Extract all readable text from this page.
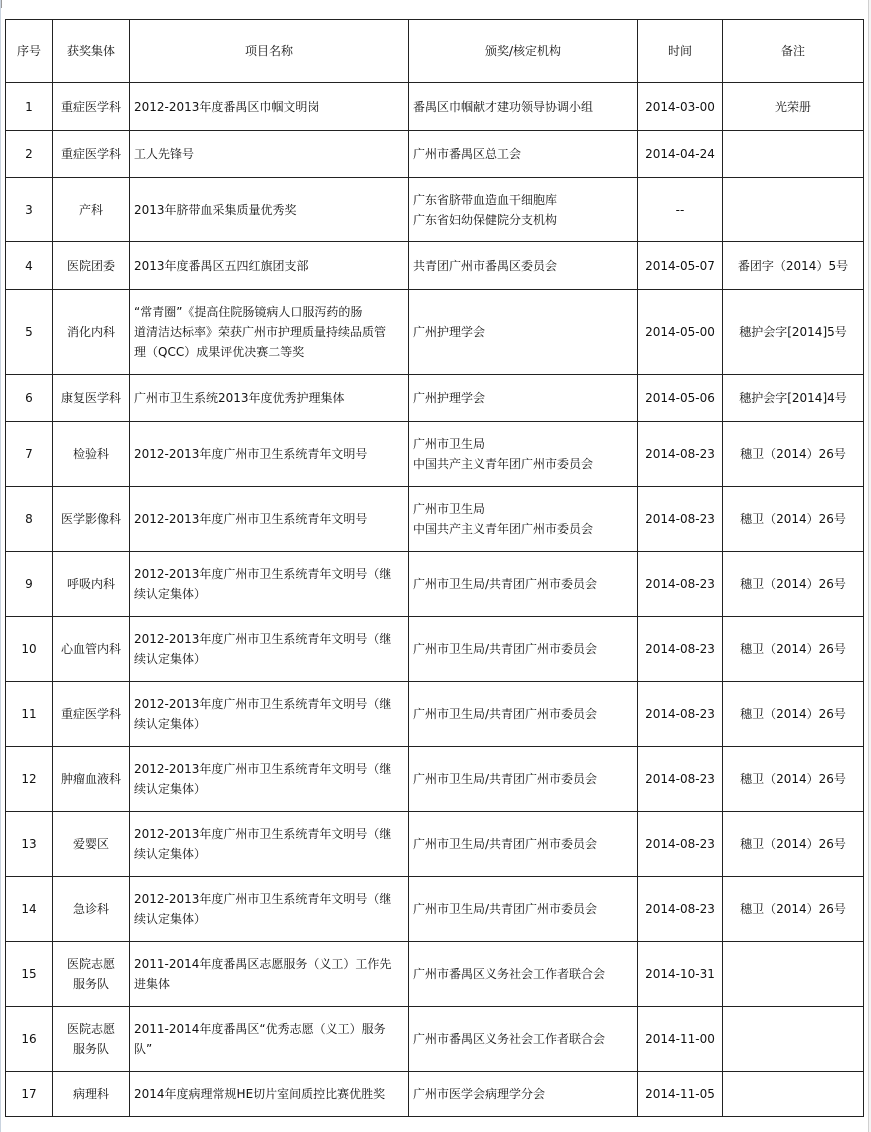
序号	获奖集体	项目名称	颁奖/核定机构	时间	备注
1	重症医学科	2012-2013年度番禺区巾帼文明岗	番禺区巾帼献才建功领导协调小组	2014-03-00	光荣册
2	重症医学科	工人先锋号	广州市番禺区总工会	2014-04-24	
3	产科	2013年脐带血采集质量优秀奖	广东省脐带血造血干细胞库
广东省妇幼保健院分支机构	--	
4	医院团委	2013年度番禺区五四红旗团支部	共青团广州市番禺区委员会	2014-05-07	番团字（2014）5号
5	消化内科	“常青圈”《提高住院肠镜病人口服泻药的肠
道清洁达标率》荣获广州市护理质量持续品质管
理（QCC）成果评优决赛二等奖	广州护理学会	2014-05-00	穗护会字[2014]5号
6	康复医学科	广州市卫生系统2013年度优秀护理集体	广州护理学会	2014-05-06	穗护会字[2014]4号
7	检验科	2012-2013年度广州市卫生系统青年文明号	广州市卫生局
中国共产主义青年团广州市委员会	2014-08-23	穗卫（2014）26号
8	医学影像科	2012-2013年度广州市卫生系统青年文明号	广州市卫生局
中国共产主义青年团广州市委员会	2014-08-23	穗卫（2014）26号
9	呼吸内科	2012-2013年度广州市卫生系统青年文明号（继
续认定集体）	广州市卫生局/共青团广州市委员会	2014-08-23	穗卫（2014）26号
10	心血管内科	2012-2013年度广州市卫生系统青年文明号（继
续认定集体）	广州市卫生局/共青团广州市委员会	2014-08-23	穗卫（2014）26号
11	重症医学科	2012-2013年度广州市卫生系统青年文明号（继
续认定集体）	广州市卫生局/共青团广州市委员会	2014-08-23	穗卫（2014）26号
12	肿瘤血液科	2012-2013年度广州市卫生系统青年文明号（继
续认定集体）	广州市卫生局/共青团广州市委员会	2014-08-23	穗卫（2014）26号
13	爱婴区	2012-2013年度广州市卫生系统青年文明号（继
续认定集体）	广州市卫生局/共青团广州市委员会	2014-08-23	穗卫（2014）26号
14	急诊科	2012-2013年度广州市卫生系统青年文明号（继
续认定集体）	广州市卫生局/共青团广州市委员会	2014-08-23	穗卫（2014）26号
15	医院志愿
服务队	2011-2014年度番禺区志愿服务（义工）工作先
进集体	广州市番禺区义务社会工作者联合会	2014-10-31	
16	医院志愿
服务队	2011-2014年度番禺区“优秀志愿（义工）服务
队”	广州市番禺区义务社会工作者联合会	2014-11-00	
17	病理科	2014年度病理常规HE切片室间质控比赛优胜奖	广州市医学会病理学分会	2014-11-05	
